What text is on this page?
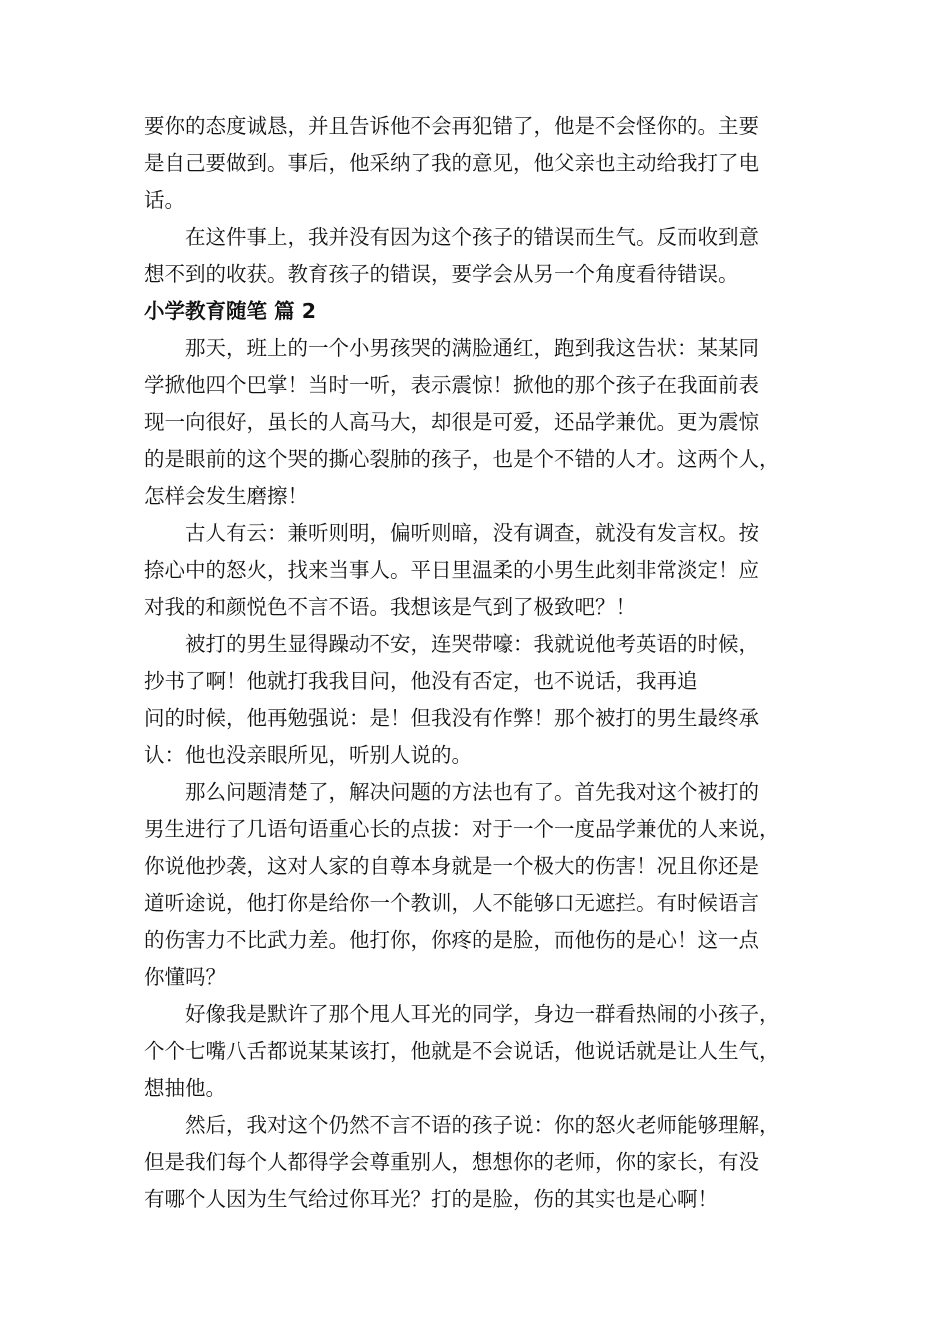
要你的态度诚恳，并且告诉他不会再犯错了，他是不会怪你的。主要
是自己要做到。事后，他采纳了我的意见，他父亲也主动给我打了电
话。

在这件事上，我并没有因为这个孩子的错误而生气。反而收到意
想不到的收获。教育孩子的错误，要学会从另一个角度看待错误。

小学教育随笔 篇 2

那天，班上的一个小男孩哭的满脸通红，跑到我这告状：某某同
学掀他四个巴掌！当时一听，表示震惊！掀他的那个孩子在我面前表
现一向很好，虽长的人高马大，却很是可爱，还品学兼优。更为震惊
的是眼前的这个哭的撕心裂肺的孩子，也是个不错的人才。这两个人，
怎样会发生磨擦！

古人有云：兼听则明，偏听则暗，没有调查，就没有发言权。按
捺心中的怒火，找来当事人。平日里温柔的小男生此刻非常淡定！应
对我的和颜悦色不言不语。我想该是气到了极致吧？！

被打的男生显得躁动不安，连哭带嚎：我就说他考英语的时候，
抄书了啊！他就打我我目问，他没有否定，也不说话，我再追
问的时候，他再勉强说：是！但我没有作弊！那个被打的男生最终承
认：他也没亲眼所见，听别人说的。

那么问题清楚了，解决问题的方法也有了。首先我对这个被打的
男生进行了几语句语重心长的点拔：对于一个一度品学兼优的人来说，
你说他抄袭，这对人家的自尊本身就是一个极大的伤害！况且你还是
道听途说，他打你是给你一个教训，人不能够口无遮拦。有时候语言
的伤害力不比武力差。他打你，你疼的是脸，而他伤的是心！这一点
你懂吗？

好像我是默许了那个甩人耳光的同学，身边一群看热闹的小孩子，
个个七嘴八舌都说某某该打，他就是不会说话，他说话就是让人生气，
想抽他。

然后，我对这个仍然不言不语的孩子说：你的怒火老师能够理解，
但是我们每个人都得学会尊重别人，想想你的老师，你的家长，有没
有哪个人因为生气给过你耳光？打的是脸，伤的其实也是心啊！
